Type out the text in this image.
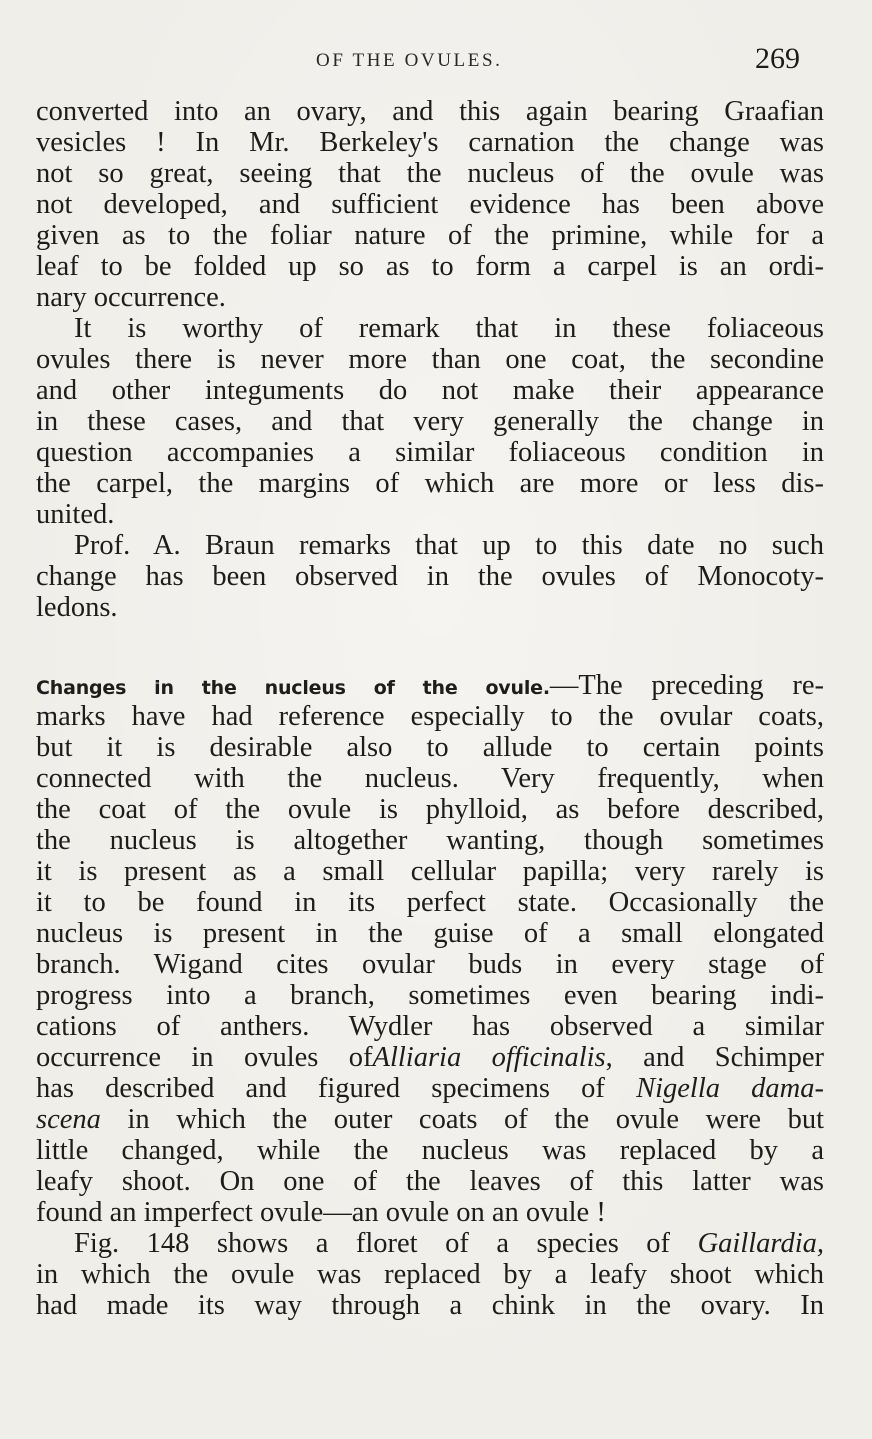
OF THE OVULES.	269
converted into an ovary, and this again bearing Graafian
vesicles ! In Mr. Berkeley's carnation the change was
not so great, seeing that the nucleus of the ovule was
not developed, and sufficient evidence has been above
given as to the foliar nature of the primine, while for a
leaf to be folded up so as to form a carpel is an ordi-
nary occurrence.
It is worthy of remark that in these foliaceous
ovules there is never more than one coat, the secondine
and other integuments do not make their appearance
in these cases, and that very generally the change in
question accompanies a similar foliaceous condition in
the carpel, the margins of which are more or less dis-
united.
Prof. A. Braun remarks that up to this date no such
change has been observed in the ovules of Monocoty-
ledons.
Changes in the nucleus of the ovule.—The preceding re-
marks have had reference especially to the ovular coats,
but it is desirable also to allude to certain points
connected with the nucleus. Very frequently, when
the coat of the ovule is phylloid, as before described,
the nucleus is altogether wanting, though sometimes
it is present as a small cellular papilla; very rarely is
it to be found in its perfect state. Occasionally the
nucleus is present in the guise of a small elongated
branch. Wigand cites ovular buds in every stage of
progress into a branch, sometimes even bearing indi-
cations of anthers. Wydler has observed a similar
occurrence in ovules ofAlliaria officinalis, and Schimper
has described and figured specimens of Nigella dama-
scena in which the outer coats of the ovule were but
little changed, while the nucleus was replaced by a
leafy shoot. On one of the leaves of this latter was
found an imperfect ovule—an ovule on an ovule !
Fig. 148 shows a floret of a species of Gaillardia,
in which the ovule was replaced by a leafy shoot which
had made its way through a chink in the ovary. In
